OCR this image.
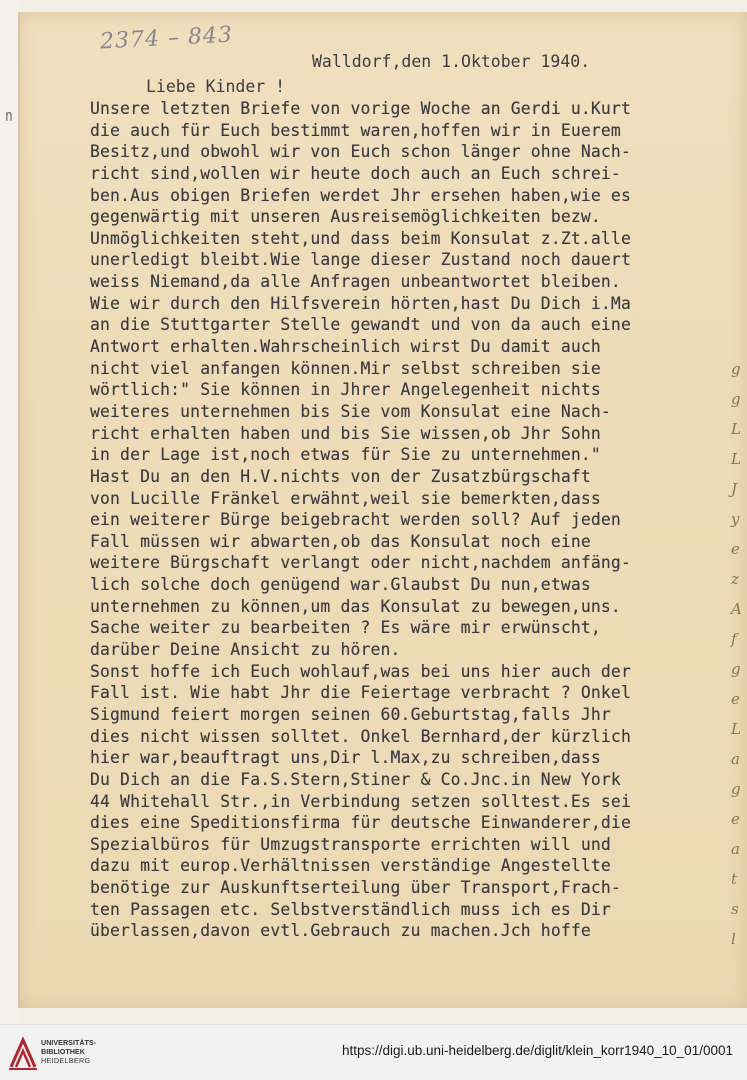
n
2374 – 843
Walldorf,den 1.Oktober 1940.
Liebe Kinder !
Unsere letzten Briefe von vorige Woche an Gerdi u.Kurt
die auch für Euch bestimmt waren,hoffen wir in Euerem
Besitz,und obwohl wir von Euch schon länger ohne Nach-
richt sind,wollen wir heute doch auch an Euch schrei-
ben.Aus obigen Briefen werdet Jhr ersehen haben,wie es
gegenwärtig mit unseren Ausreisemöglichkeiten bezw.
Unmöglichkeiten steht,und dass beim Konsulat z.Zt.alle
unerledigt bleibt.Wie lange dieser Zustand noch dauert
weiss Niemand,da alle Anfragen unbeantwortet bleiben.
Wie wir durch den Hilfsverein hörten,hast Du Dich i.Ma
an die Stuttgarter Stelle gewandt und von da auch eine
Antwort erhalten.Wahrscheinlich wirst Du damit auch
nicht viel anfangen können.Mir selbst schreiben sie
wörtlich:" Sie können in Jhrer Angelegenheit nichts
weiteres unternehmen bis Sie vom Konsulat eine Nach-
richt erhalten haben und bis Sie wissen,ob Jhr Sohn
in der Lage ist,noch etwas für Sie zu unternehmen."
Hast Du an den H.V.nichts von der Zusatzbürgschaft
von Lucille Fränkel erwähnt,weil sie bemerkten,dass
ein weiterer Bürge beigebracht werden soll? Auf jeden
Fall müssen wir abwarten,ob das Konsulat noch eine
weitere Bürgschaft verlangt oder nicht,nachdem anfäng-
lich solche doch genügend war.Glaubst Du nun,etwas
unternehmen zu können,um das Konsulat zu bewegen,uns.
Sache weiter zu bearbeiten ? Es wäre mir erwünscht,
darüber Deine Ansicht zu hören.
Sonst hoffe ich Euch wohlauf,was bei uns hier auch der
Fall ist. Wie habt Jhr die Feiertage verbracht ? Onkel
Sigmund feiert morgen seinen 60.Geburtstag,falls Jhr
dies nicht wissen solltet. Onkel Bernhard,der kürzlich
hier war,beauftragt uns,Dir l.Max,zu schreiben,dass
Du Dich an die Fa.S.Stern,Stiner & Co.Jnc.in New York
44 Whitehall Str.,in Verbindung setzen solltest.Es sei
dies eine Speditionsfirma für deutsche Einwanderer,die
Spezialbüros für Umzugstransporte errichten will und
dazu mit europ.Verhältnissen verständige Angestellte
benötige zur Auskunftserteilung über Transport,Frach-
ten Passagen etc. Selbstverständlich muss ich es Dir
überlassen,davon evtl.Gebrauch zu machen.Jch hoffe
g
g
L
L
J
y
e
z
A
f
g
e
L
a
g
e
a
t
s
l
UNIVERSITÄTS-
BIBLIOTHEK
HEIDELBERG
https://digi.ub.uni-heidelberg.de/diglit/klein_korr1940_10_01/0001
